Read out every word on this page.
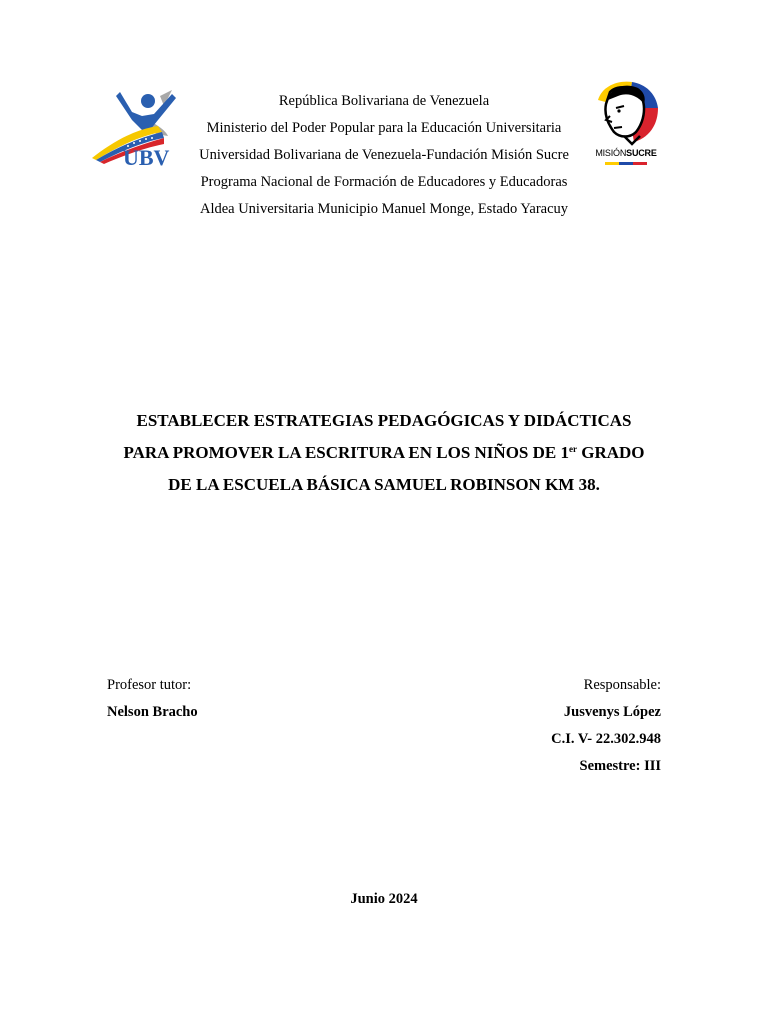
UBV
República Bolivariana de Venezuela
Ministerio del Poder Popular para la Educación Universitaria
Universidad Bolivariana de Venezuela-Fundación Misión Sucre
Programa Nacional de Formación de Educadores y Educadoras
Aldea Universitaria Municipio Manuel Monge, Estado Yaracuy
MISIÓNSUCRE
ESTABLECER ESTRATEGIAS PEDAGÓGICAS Y DIDÁCTICAS
PARA PROMOVER LA ESCRITURA EN LOS NIÑOS DE 1er GRADO
DE LA ESCUELA BÁSICA SAMUEL ROBINSON KM 38.
Profesor tutor:
Nelson Bracho
Responsable:
Jusvenys López
C.I. V- 22.302.948
Semestre: III
Junio 2024
